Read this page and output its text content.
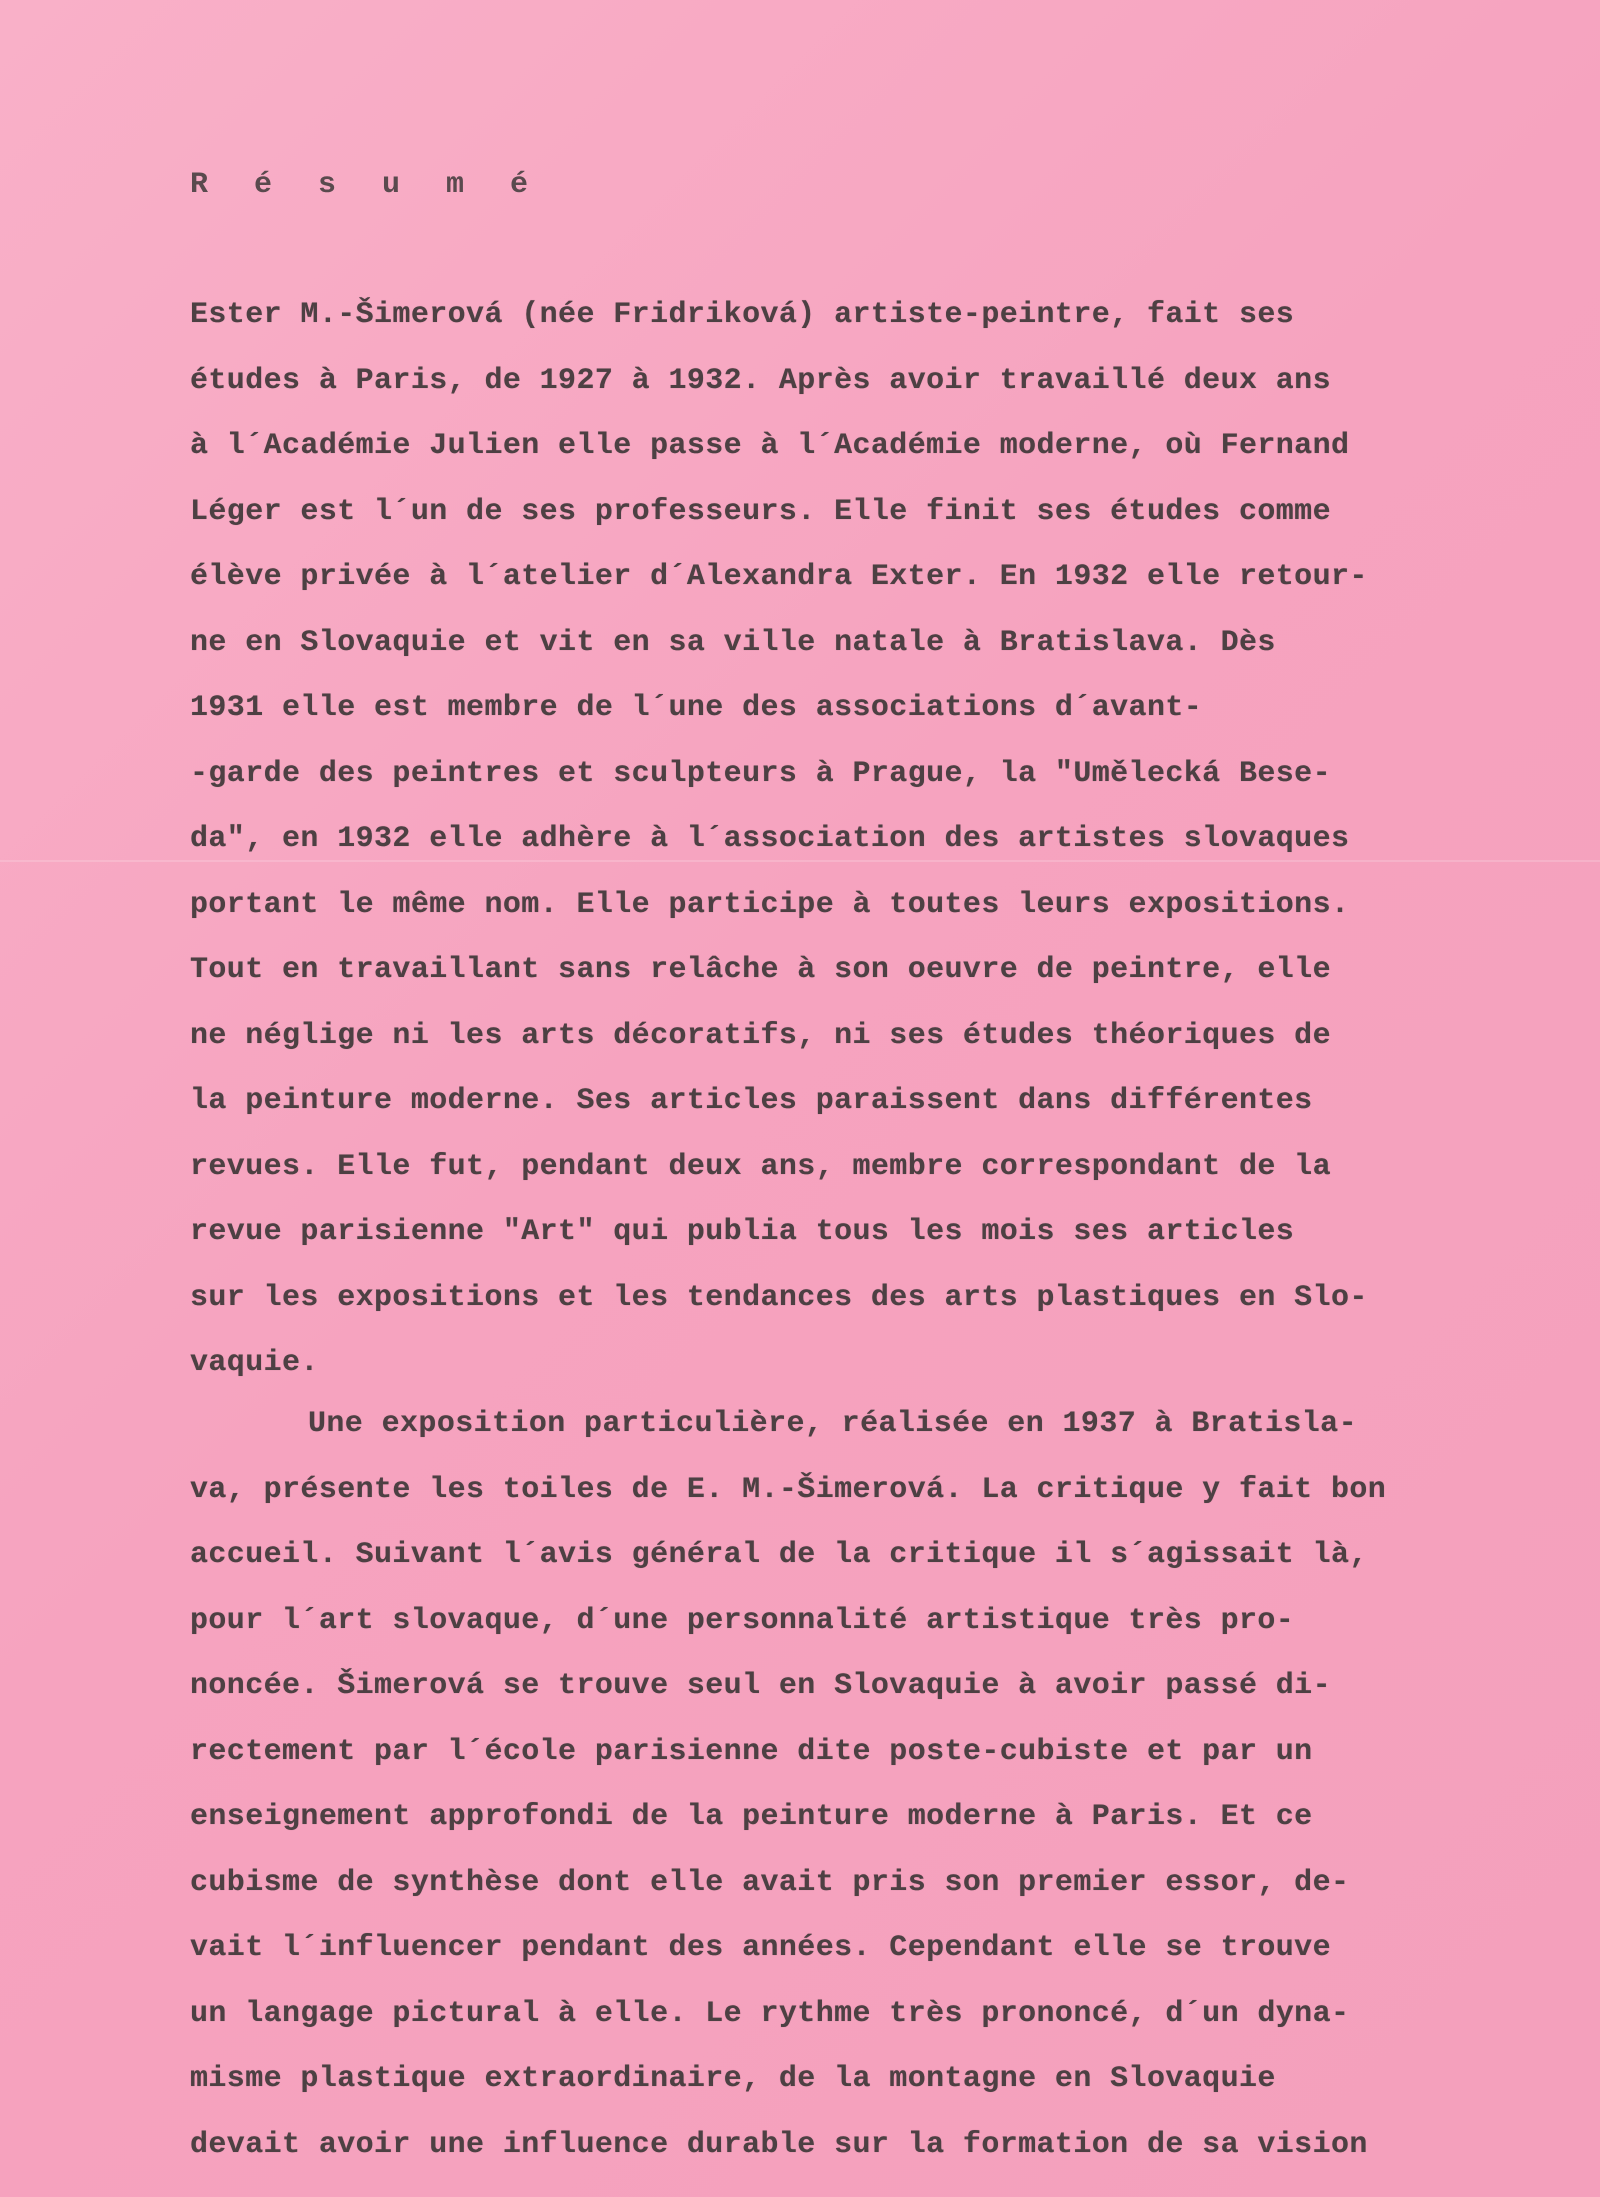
R é s u m é

Ester M.-Šimerová (née Fridriková) artiste-peintre, fait ses
études à Paris, de 1927 à 1932. Après avoir travaillé deux ans
à l´Académie Julien elle passe à l´Académie moderne, où Fernand
Léger est l´un de ses professeurs. Elle finit ses études comme
élève privée à l´atelier d´Alexandra Exter. En 1932 elle retour-
ne en Slovaquie et vit en sa ville natale à Bratislava. Dès
1931 elle est membre de l´une des associations d´avant-
-garde des peintres et sculpteurs à Prague, la "Umělecká Bese-
da", en 1932 elle adhère à l´association des artistes slovaques
portant le même nom. Elle participe à toutes leurs expositions.
Tout en travaillant sans relâche à son oeuvre de peintre, elle
ne néglige ni les arts décoratifs, ni ses études théoriques de
la peinture moderne. Ses articles paraissent dans différentes
revues. Elle fut, pendant deux ans, membre correspondant de la
revue parisienne "Art" qui publia tous les mois ses articles
sur les expositions et les tendances des arts plastiques en Slo-
vaquie.

Une exposition particulière, réalisée en 1937 à Bratisla-
va, présente les toiles de E. M.-Šimerová. La critique y fait bon
accueil. Suivant l´avis général de la critique il s´agissait là,
pour l´art slovaque, d´une personnalité artistique très pro-
noncée. Šimerová se trouve seul en Slovaquie à avoir passé di-
rectement par l´école parisienne dite poste-cubiste et par un
enseignement approfondi de la peinture moderne à Paris. Et ce
cubisme de synthèse dont elle avait pris son premier essor, de-
vait l´influencer pendant des années. Cependant elle se trouve
un langage pictural à elle. Le rythme très prononcé, d´un dyna-
misme plastique extraordinaire, de la montagne en Slovaquie
devait avoir une influence durable sur la formation de sa vision
